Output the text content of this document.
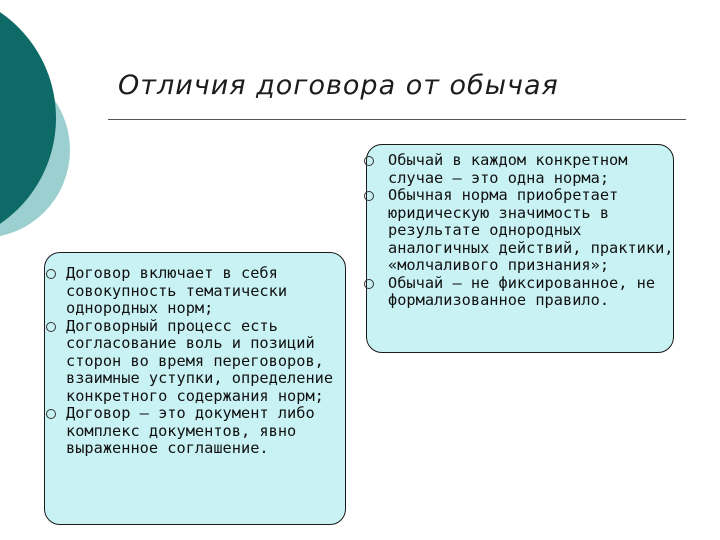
Отличия договора от обычая
Договор включает в себя совокупность тематически однородных норм;
Договорный процесс есть согласование воль и позиций сторон во время переговоров, взаимные уступки, определение конкретного содержания норм;
Договор – это документ либо комплекс документов, явно выраженное соглашение.
Обычай в каждом конкретном случае – это одна норма;
Обычная норма приобретает юридическую значимость в результате однородных аналогичных действий, практики, «молчаливого признания»;
Обычай – не фиксированное, не формализованное правило.
